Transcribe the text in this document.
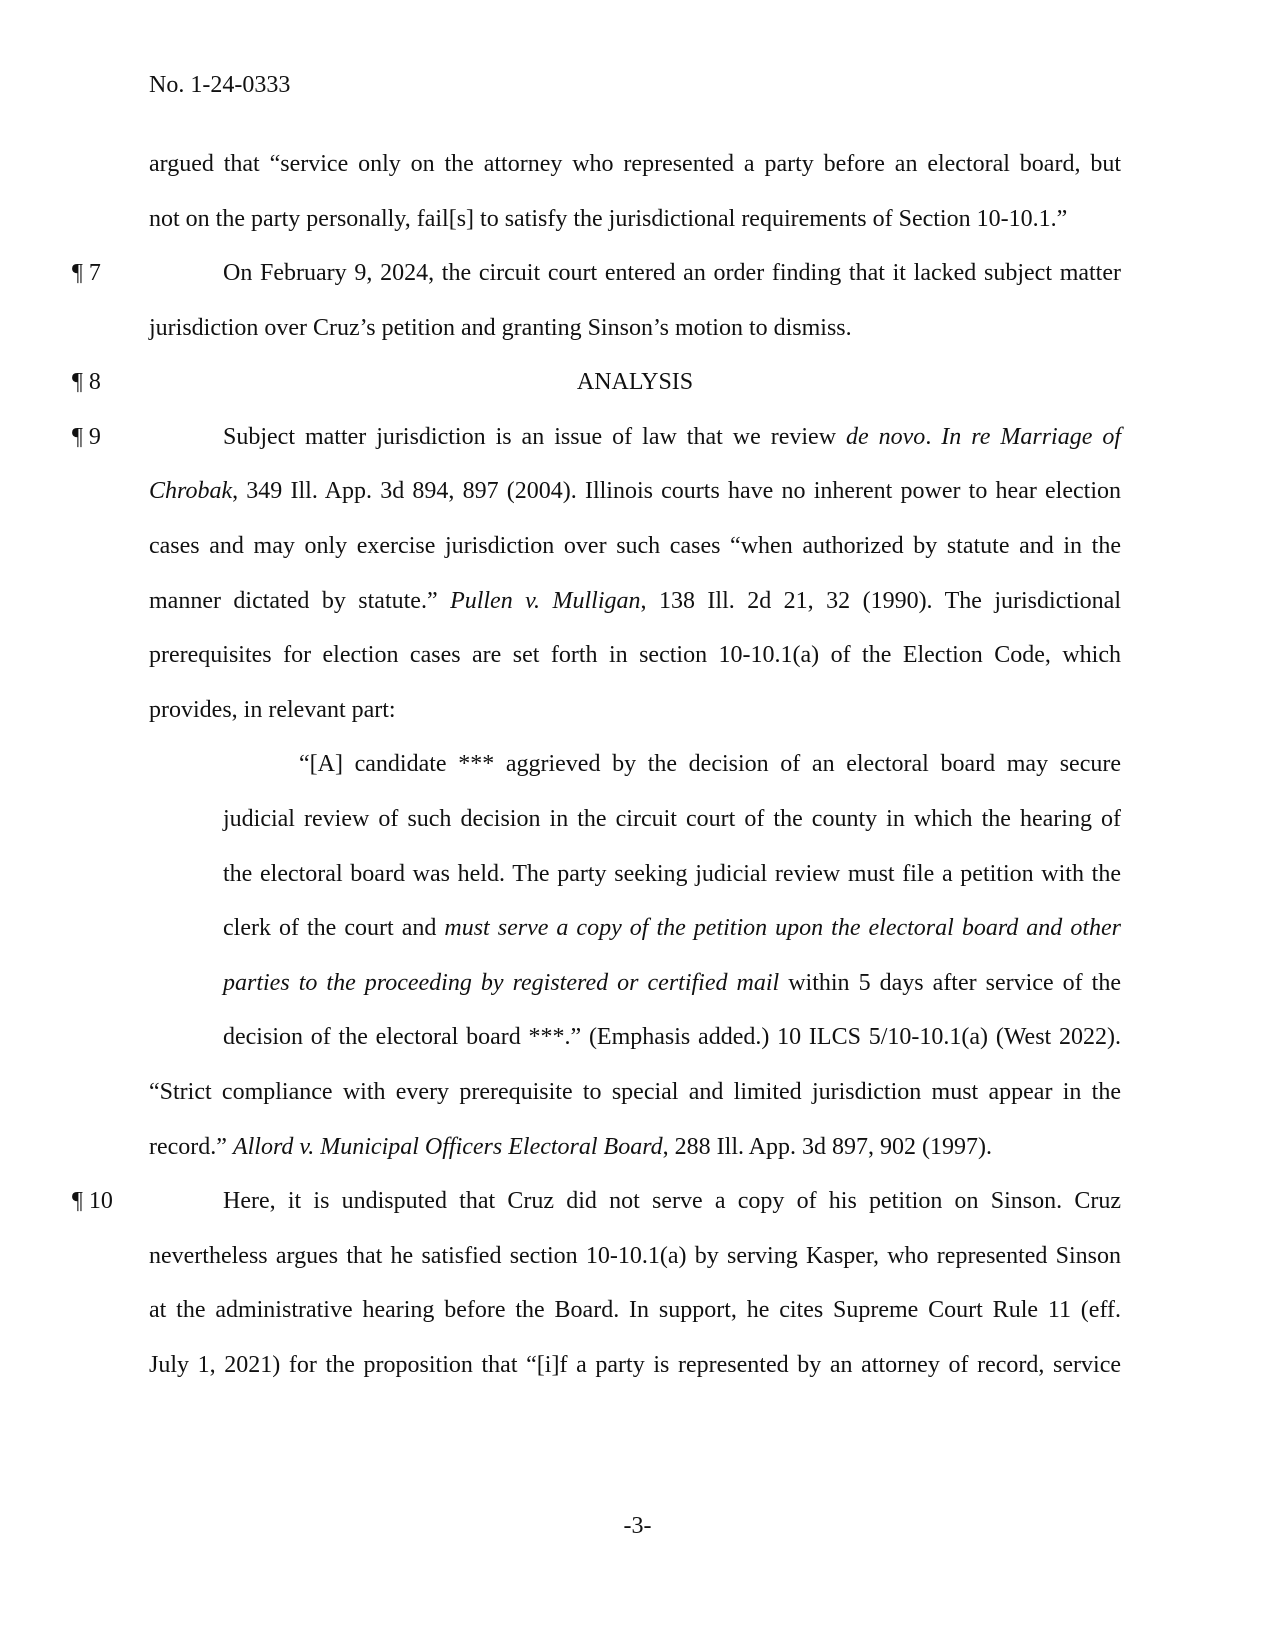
No. 1-24-0333
argued that “service only on the attorney who represented a party before an electoral board, but
not on the party personally, fail[s] to satisfy the jurisdictional requirements of Section 10-10.1.”
¶ 7	On February 9, 2024, the circuit court entered an order finding that it lacked subject matter
jurisdiction over Cruz’s petition and granting Sinson’s motion to dismiss.
¶ 8	ANALYSIS
¶ 9	Subject matter jurisdiction is an issue of law that we review de novo. In re Marriage of
Chrobak, 349 Ill. App. 3d 894, 897 (2004). Illinois courts have no inherent power to hear election
cases and may only exercise jurisdiction over such cases “when authorized by statute and in the
manner dictated by statute.” Pullen v. Mulligan, 138 Ill. 2d 21, 32 (1990). The jurisdictional
prerequisites for election cases are set forth in section 10-10.1(a) of the Election Code, which
provides, in relevant part:
“[A] candidate *** aggrieved by the decision of an electoral board may secure
judicial review of such decision in the circuit court of the county in which the hearing of
the electoral board was held. The party seeking judicial review must file a petition with the
clerk of the court and must serve a copy of the petition upon the electoral board and other
parties to the proceeding by registered or certified mail within 5 days after service of the
decision of the electoral board ***.” (Emphasis added.) 10 ILCS 5/10-10.1(a) (West 2022).
“Strict compliance with every prerequisite to special and limited jurisdiction must appear in the
record.” Allord v. Municipal Officers Electoral Board, 288 Ill. App. 3d 897, 902 (1997).
¶ 10	Here, it is undisputed that Cruz did not serve a copy of his petition on Sinson. Cruz
nevertheless argues that he satisfied section 10-10.1(a) by serving Kasper, who represented Sinson
at the administrative hearing before the Board. In support, he cites Supreme Court Rule 11 (eff.
July 1, 2021) for the proposition that “[i]f a party is represented by an attorney of record, service
-3-
